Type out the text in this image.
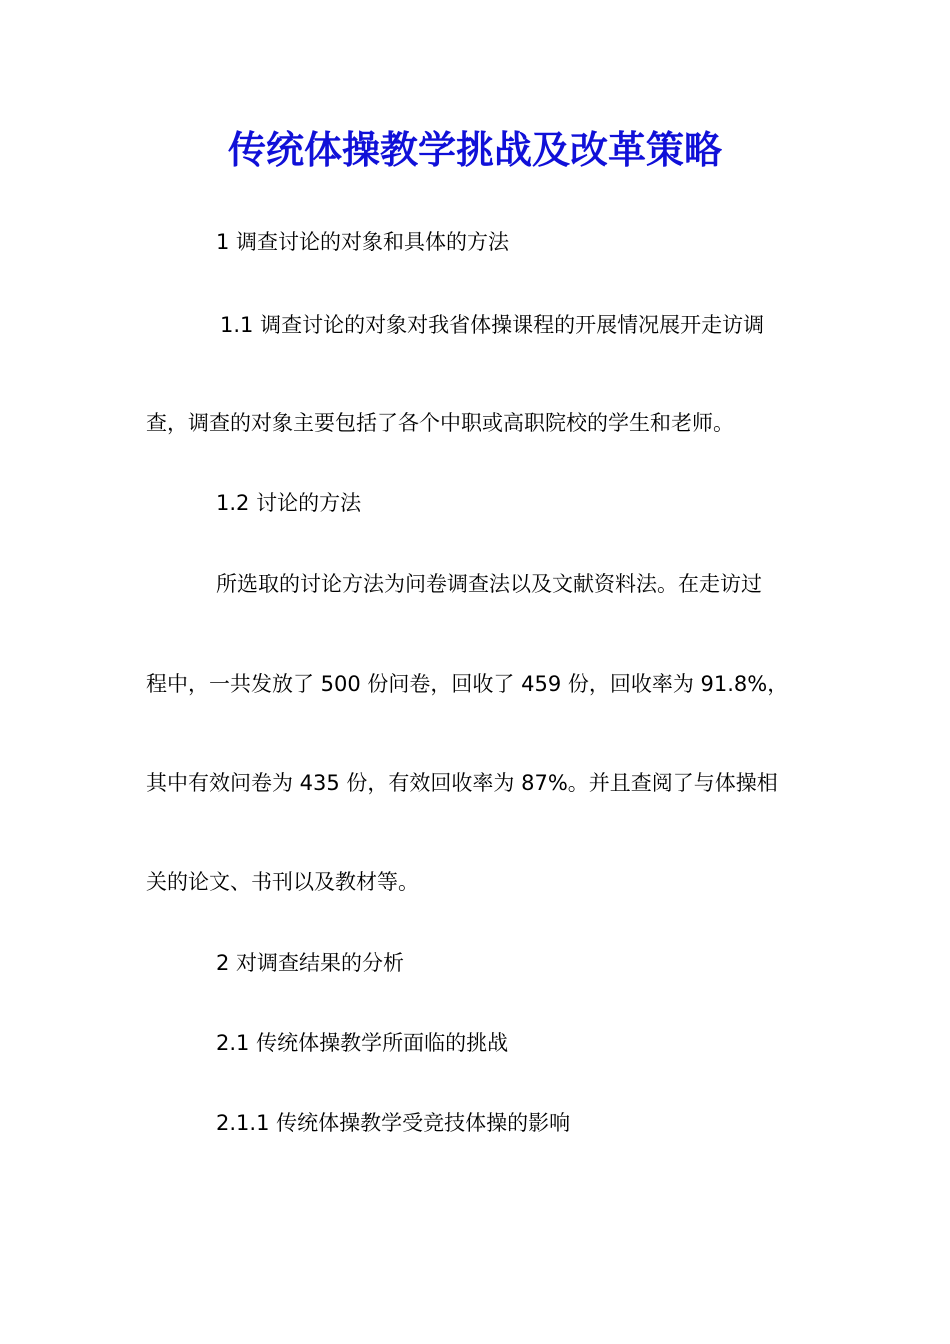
传统体操教学挑战及改革策略

1 调查讨论的对象和具体的方法

1.1 调查讨论的对象对我省体操课程的开展情况展开走访调

查，调查的对象主要包括了各个中职或高职院校的学生和老师。

1.2 讨论的方法

所选取的讨论方法为问卷调查法以及文献资料法。在走访过

程中，一共发放了 500 份问卷，回收了 459 份，回收率为 91.8%，

其中有效问卷为 435 份，有效回收率为 87%。并且查阅了与体操相

关的论文、书刊以及教材等。

2 对调查结果的分析

2.1 传统体操教学所面临的挑战

2.1.1 传统体操教学受竞技体操的影响
